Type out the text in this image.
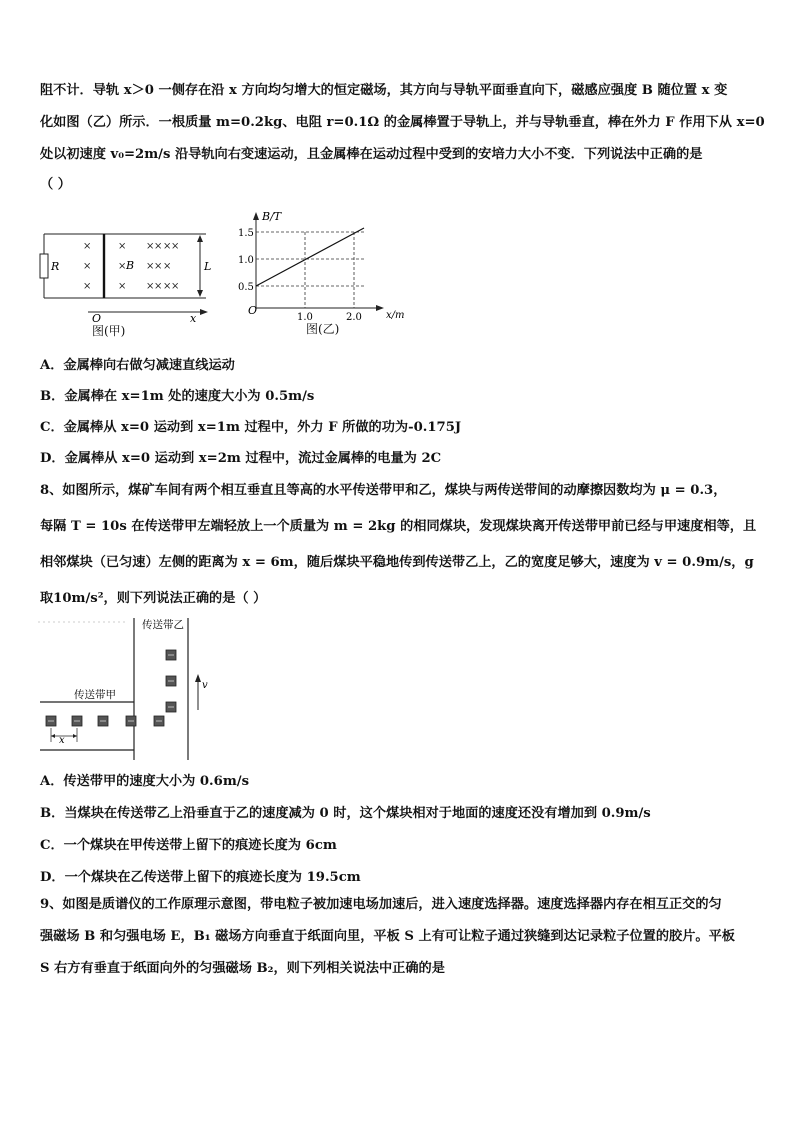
阻不计．导轨 x＞0 一侧存在沿 x 方向均匀增大的恒定磁场，其方向与导轨平面垂直向下，磁感应强度 B 随位置 x 变
化如图（乙）所示．一根质量 m=0.2kg、电阻 r=0.1Ω 的金属棒置于导轨上，并与导轨垂直，棒在外力 F 作用下从 x=0
处以初速度 v₀=2m/s 沿导轨向右变速运动，且金属棒在运动过程中受到的安培力大小不变．下列说法中正确的是
（ ）
R
×
×
×
×
×
×
× × × ×
× × ×
× × × ×
B	L
O	x
图(甲)
B/T
x/m
O
1.5
1.0
0.5
1.0	2.0
图(乙)
A．金属棒向右做匀减速直线运动
B．金属棒在 x=1m 处的速度大小为 0.5m/s
C．金属棒从 x=0 运动到 x=1m 过程中，外力 F 所做的功为-0.175J
D．金属棒从 x=0 运动到 x=2m 过程中，流过金属棒的电量为 2C
8、如图所示，煤矿车间有两个相互垂直且等高的水平传送带甲和乙，煤块与两传送带间的动摩擦因数均为 μ = 0.3，
每隔 T = 10s 在传送带甲左端轻放上一个质量为 m = 2kg 的相同煤块，发现煤块离开传送带甲前已经与甲速度相等，且
相邻煤块（已匀速）左侧的距离为 x = 6m，随后煤块平稳地传到传送带乙上，乙的宽度足够大，速度为 v = 0.9m/s，g
取10m/s²，则下列说法正确的是（ ）
传送带乙
传送带甲
x
v
A．传送带甲的速度大小为 0.6m/s
B．当煤块在传送带乙上沿垂直于乙的速度减为 0 时，这个煤块相对于地面的速度还没有增加到 0.9m/s
C．一个煤块在甲传送带上留下的痕迹长度为 6cm
D．一个煤块在乙传送带上留下的痕迹长度为 19.5cm
9、如图是质谱仪的工作原理示意图，带电粒子被加速电场加速后，进入速度选择器。速度选择器内存在相互正交的匀
强磁场 B 和匀强电场 E，B₁ 磁场方向垂直于纸面向里，平板 S 上有可让粒子通过狭缝到达记录粒子位置的胶片。平板
S 右方有垂直于纸面向外的匀强磁场 B₂，则下列相关说法中正确的是
